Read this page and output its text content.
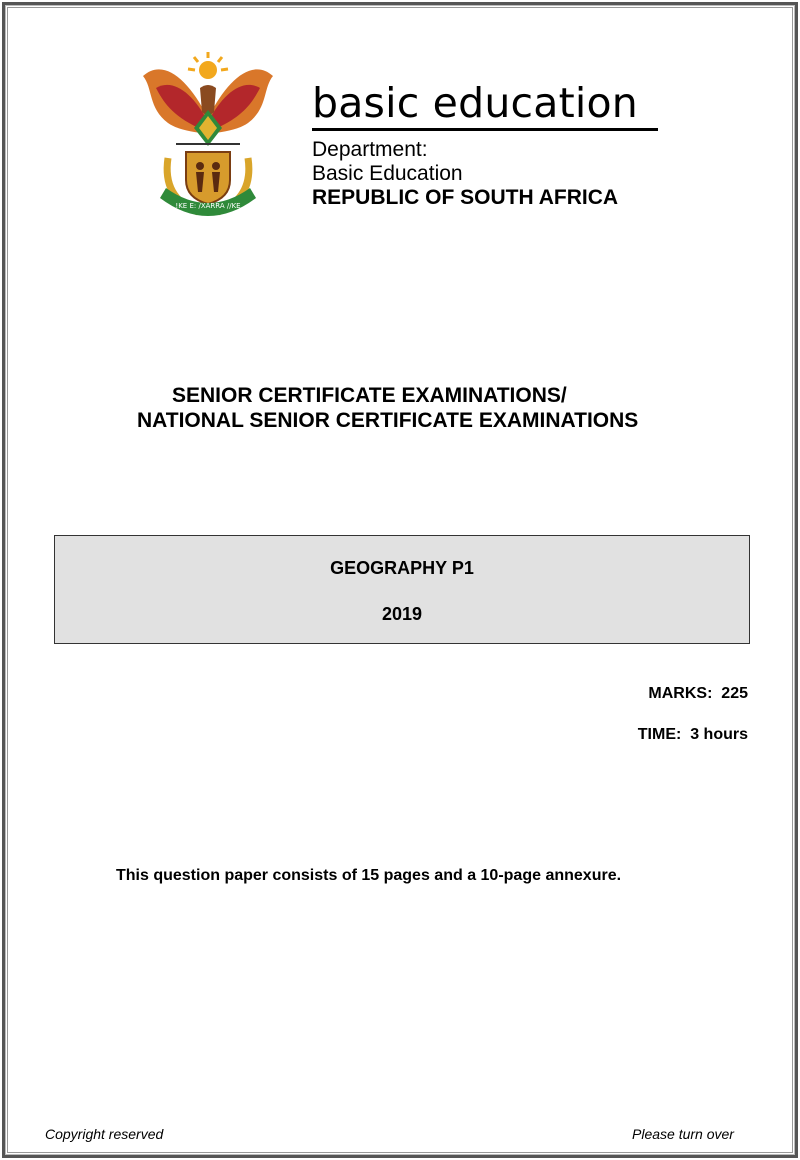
!KE E: /XARRA //KE
basic education
Department:
Basic Education
REPUBLIC OF SOUTH AFRICA
SENIOR CERTIFICATE EXAMINATIONS/
NATIONAL SENIOR CERTIFICATE EXAMINATIONS
GEOGRAPHY P1
2019
MARKS:  225
TIME:  3 hours
This question paper consists of 15 pages and a 10-page annexure.
Copyright reserved	Please turn over
